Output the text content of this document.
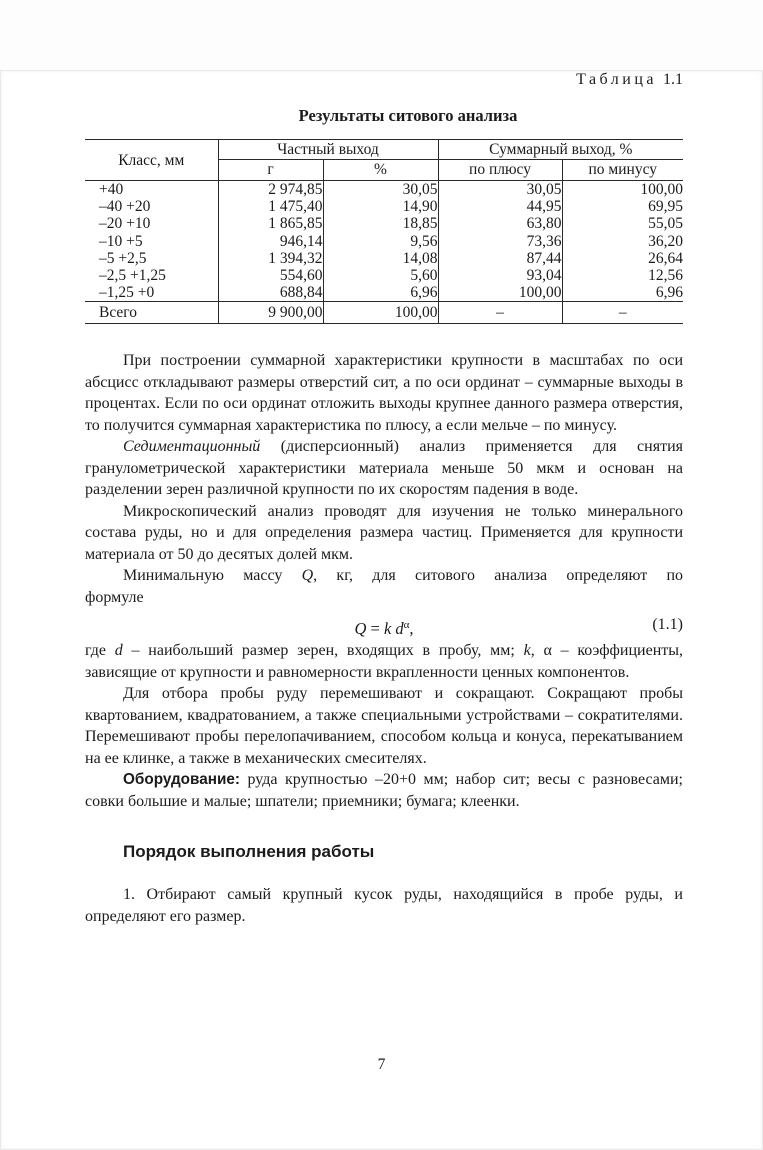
Таблица 1.1
Результаты ситового анализа
Класс, мм	Частный выход		Суммарный выход, %	
	г	%	по плюсу	по минусу
+40	2 974,85	30,05	30,05	100,00
–40 +20	1 475,40	14,90	44,95	69,95
–20 +10	1 865,85	18,85	63,80	55,05
–10 +5	946,14	9,56	73,36	36,20
–5 +2,5	1 394,32	14,08	87,44	26,64
–2,5 +1,25	554,60	5,60	93,04	12,56
–1,25 +0	688,84	6,96	100,00	6,96
Всего	9 900,00	100,00	–	–

При построении суммарной характеристики крупности в масштабах по оси абсцисс откладывают размеры отверстий сит, а по оси ординат – суммарные выходы в процентах. Если по оси ординат отложить выходы крупнее данного размера отверстия, то получится суммарная характеристика по плюсу, а если мельче – по минусу.

Седиментационный (дисперсионный) анализ применяется для снятия гранулометрической характеристики материала меньше 50 мкм и основан на разделении зерен различной крупности по их скоростям падения в воде.

Микроскопический анализ проводят для изучения не только минерального состава руды, но и для определения размера частиц. Применяется для крупности материала от 50 до десятых долей мкм.

Минимальную массу Q, кг, для ситового анализа определяют по
формуле

Q = k $d^\alpha$,	(1.1)

где d – наибольший размер зерен, входящих в пробу, мм; k, α – коэффициенты, зависящие от крупности и равномерности вкрапленности ценных компонентов.

Для отбора пробы руду перемешивают и сокращают. Сокращают пробы квартованием, квадратованием, а также специальными устройствами – сократителями. Перемешивают пробы перелопачиванием, способом кольца и конуса, перекатыванием на ее клинке, а также в механических смесителях.

Оборудование: руда крупностью –20+0 мм; набор сит; весы с разновесами; совки большие и малые; шпатели; приемники; бумага; клеенки.

Порядок выполнения работы

1. Отбирают самый крупный кусок руды, находящийся в пробе руды, и определяют его размер.

7
